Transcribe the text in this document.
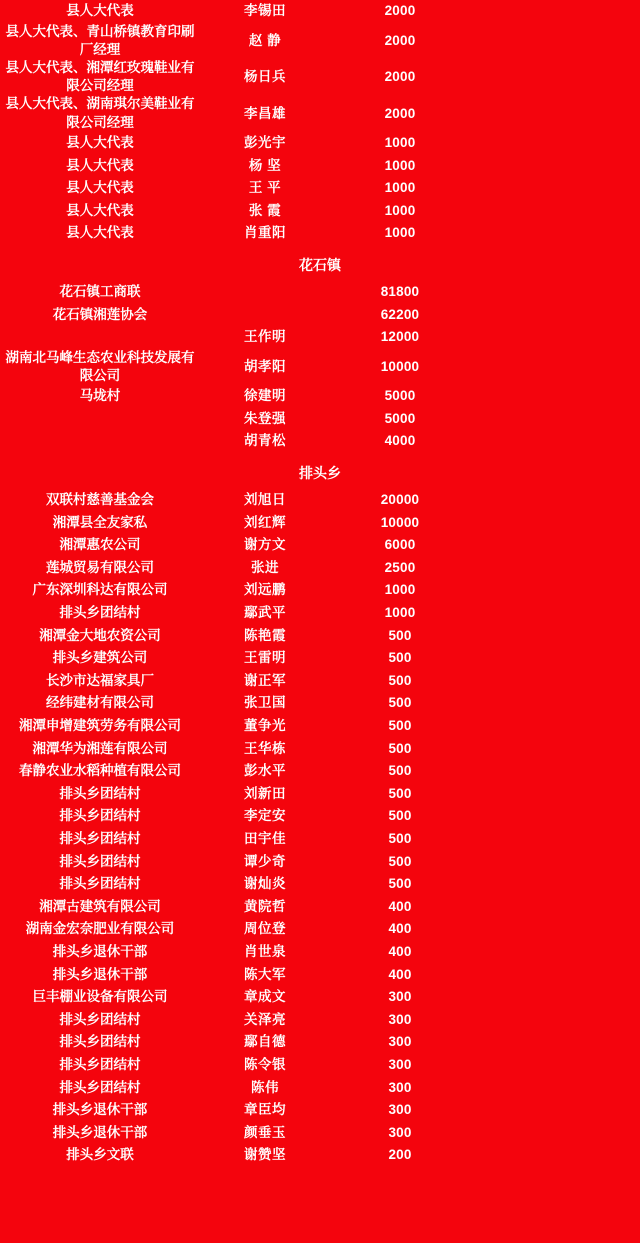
县人大代表	李锡田	2000	
县人大代表、青山桥镇教育印刷厂经理	赵 静	2000	
县人大代表、湘潭红玫瑰鞋业有限公司经理	杨日兵	2000	
县人大代表、湖南琪尔美鞋业有限公司经理	李昌雄	2000	
县人大代表	彭光宇	1000	
县人大代表	杨 坚	1000	
县人大代表	王 平	1000	
县人大代表	张 霞	1000	
县人大代表	肖重阳	1000	
花石镇			
花石镇工商联		81800	
花石镇湘莲协会		62200	
	王作明	12000	
湖南北马峰生态农业科技发展有限公司	胡孝阳	10000	
马垅村	徐建明	5000	
	朱登强	5000	
	胡青松	4000	
排头乡			
双联村慈善基金会	刘旭日	20000	
湘潭县全友家私	刘红辉	10000	
湘潭惠农公司	谢方文	6000	
莲城贸易有限公司	张进	2500	
广东深圳科达有限公司	刘远鹏	1000	
排头乡团结村	鄢武平	1000	
湘潭金大地农资公司	陈艳霞	500	
排头乡建筑公司	王雷明	500	
长沙市达福家具厂	谢正军	500	
经纬建材有限公司	张卫国	500	
湘潭申增建筑劳务有限公司	董争光	500	
湘潭华为湘莲有限公司	王华栋	500	
春静农业水稻种植有限公司	彭水平	500	
排头乡团结村	刘新田	500	
排头乡团结村	李定安	500	
排头乡团结村	田宇佳	500	
排头乡团结村	谭少奇	500	
排头乡团结村	谢灿炎	500	
湘潭古建筑有限公司	黄院哲	400	
湖南金宏奈肥业有限公司	周位登	400	
排头乡退休干部	肖世泉	400	
排头乡退休干部	陈大军	400	
巨丰棚业设备有限公司	章成文	300	
排头乡团结村	关泽亮	300	
排头乡团结村	鄢自德	300	
排头乡团结村	陈令银	300	
排头乡团结村	陈伟	300	
排头乡退休干部	章臣均	300	
排头乡退休干部	颜垂玉	300	
排头乡文联	谢赞坚	200	
